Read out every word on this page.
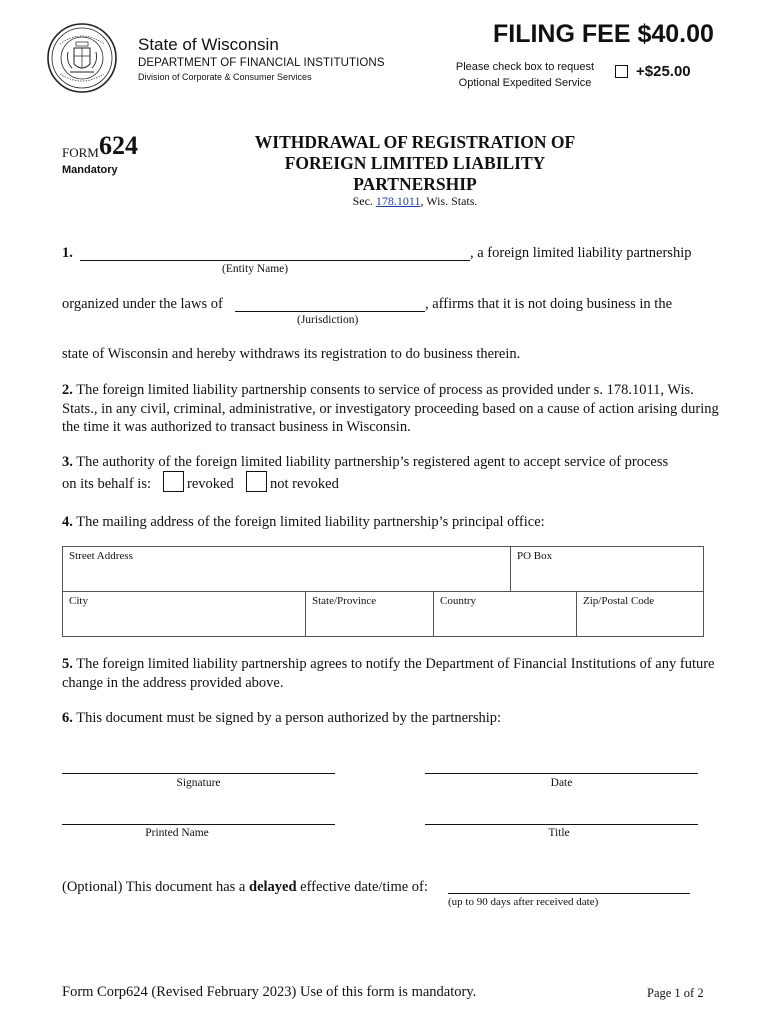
State of Wisconsin
DEPARTMENT OF FINANCIAL INSTITUTIONS
Division of Corporate & Consumer Services
FILING FEE $40.00
Please check box to request
Optional Expedited Service
+$25.00
FORM 624
Mandatory
WITHDRAWAL OF REGISTRATION OF
FOREIGN LIMITED LIABILITY
PARTNERSHIP
Sec. 178.1011, Wis. Stats.
1.	, a foreign limited liability partnership
(Entity Name)
organized under the laws of	, affirms that it is not doing business in the
(Jurisdiction)
state of Wisconsin and hereby withdraws its registration to do business therein.
2. The foreign limited liability partnership consents to service of process as provided under s. 178.1011, Wis. Stats., in any civil, criminal, administrative, or investigatory proceeding based on a cause of action arising during the time it was authorized to transact business in Wisconsin.
3. The authority of the foreign limited liability partnership’s registered agent to accept service of process
on its behalf is: revoked	not revoked
4. The mailing address of the foreign limited liability partnership’s principal office:
Street Address	PO Box
City	State/Province	Country	Zip/Postal Code
5. The foreign limited liability partnership agrees to notify the Department of Financial Institutions of any future change in the address provided above.
6. This document must be signed by a person authorized by the partnership:
Signature	Date
Printed Name	Title
(Optional) This document has a delayed effective date/time of:
(up to 90 days after received date)
Form Corp624 (Revised February 2023) Use of this form is mandatory.	Page 1 of 2
